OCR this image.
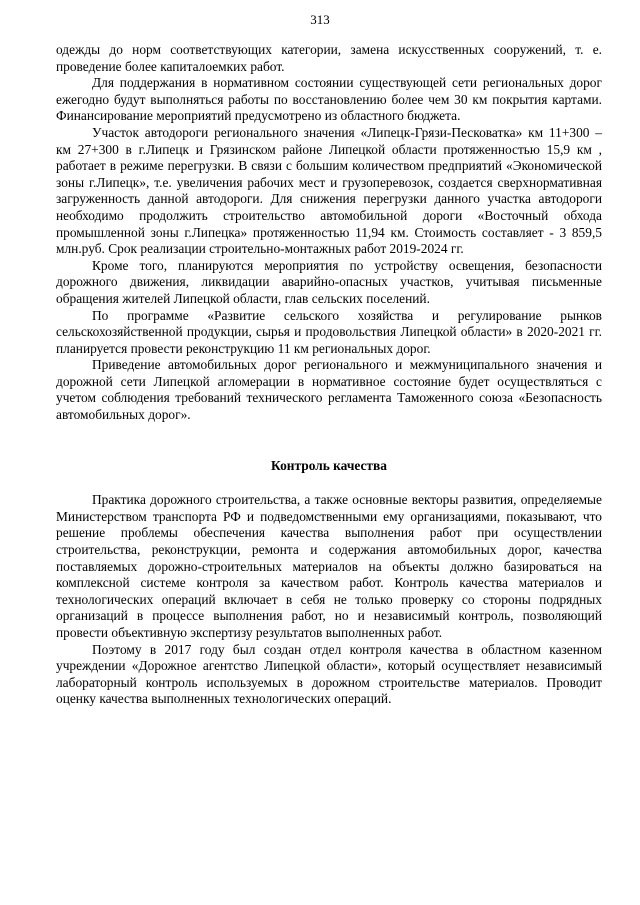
313

одежды до норм соответствующих категории, замена искусственных сооружений, т. е. проведение более капиталоемких работ.

Для поддержания в нормативном состоянии существующей сети региональных дорог ежегодно будут выполняться работы по восстановлению более чем 30 км покрытия картами. Финансирование мероприятий предусмотрено из областного бюджета.

Участок автодороги регионального значения «Липецк-Грязи-Песковатка» км 11+300 – км 27+300 в г.Липецк и Грязинском районе Липецкой области протяженностью 15,9 км , работает в режиме перегрузки. В связи с большим количеством предприятий «Экономической зоны г.Липецк», т.е. увеличения рабочих мест и грузоперевозок, создается сверхнормативная загруженность данной автодороги. Для снижения перегрузки данного участка автодороги необходимо продолжить строительство автомобильной дороги «Восточный обхода промышленной зоны г.Липецка» протяженностью 11,94 км. Стоимость составляет - 3 859,5 млн.руб. Срок реализации строительно-монтажных работ 2019-2024 гг.

Кроме того, планируются мероприятия по устройству освещения, безопасности дорожного движения, ликвидации аварийно-опасных участков, учитывая письменные обращения жителей Липецкой области, глав сельских поселений.

По программе «Развитие сельского хозяйства и регулирование рынков сельскохозяйственной продукции, сырья и продовольствия Липецкой области» в 2020-2021 гг. планируется провести реконструкцию 11 км региональных дорог.

Приведение автомобильных дорог регионального и межмуниципального значения и дорожной сети Липецкой агломерации в нормативное состояние будет осуществляться с учетом соблюдения требований технического регламента Таможенного союза «Безопасность автомобильных дорог».

Контроль качества

Практика дорожного строительства, а также основные векторы развития, определяемые Министерством транспорта РФ и подведомственными ему организациями, показывают, что решение проблемы обеспечения качества выполнения работ при осуществлении строительства, реконструкции, ремонта и содержания автомобильных дорог, качества поставляемых дорожно-строительных материалов на объекты должно базироваться на комплексной системе контроля за качеством работ. Контроль качества материалов и технологических операций включает в себя не только проверку со стороны подрядных организаций в процессе выполнения работ, но и независимый контроль, позволяющий провести объективную экспертизу результатов выполненных работ.

Поэтому в 2017 году был создан отдел контроля качества в областном казенном учреждении «Дорожное агентство Липецкой области», который осуществляет независимый лабораторный контроль используемых в дорожном строительстве материалов. Проводит оценку качества выполненных технологических операций.
